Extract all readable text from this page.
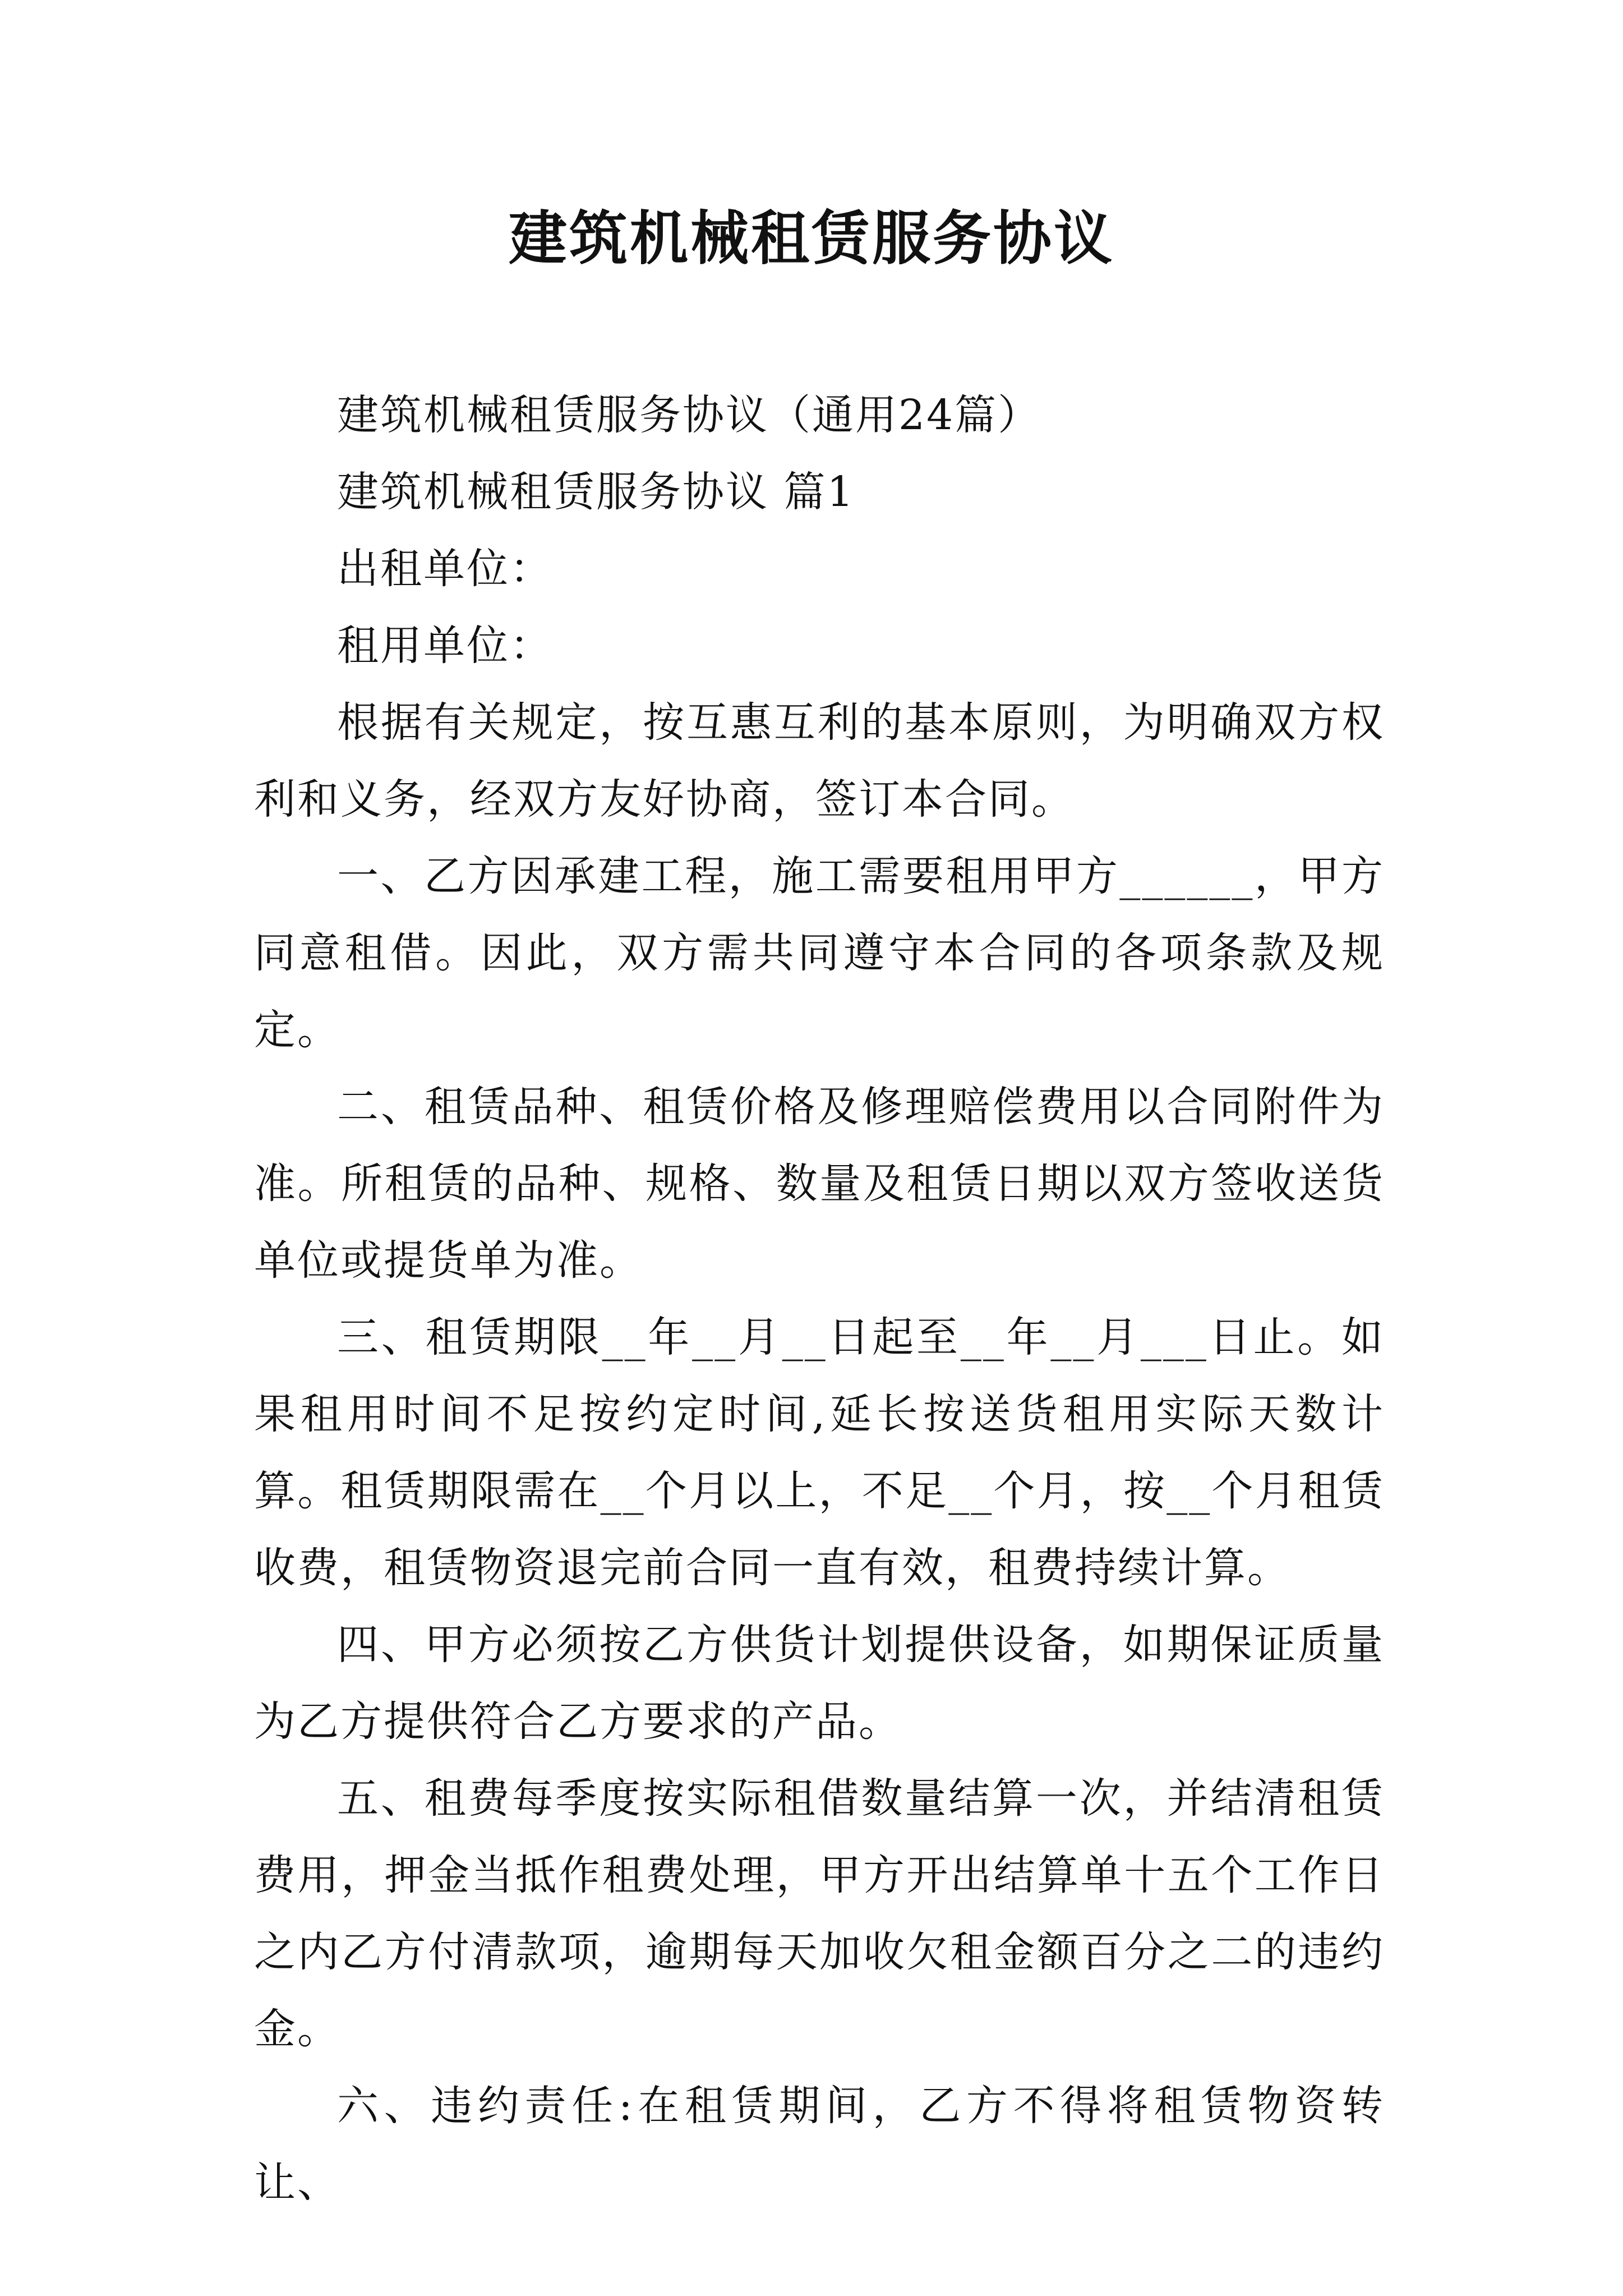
建筑机械租赁服务协议

建筑机械租赁服务协议（通用24篇）

建筑机械租赁服务协议 篇1

出租单位：

租用单位：

根据有关规定，按互惠互利的基本原则，为明确双方权利和义务，经双方友好协商，签订本合同。

一、乙方因承建工程，施工需要租用甲方______，甲方同意租借。因此，双方需共同遵守本合同的各项条款及规定。

二、租赁品种、租赁价格及修理赔偿费用以合同附件为准。所租赁的品种、规格、数量及租赁日期以双方签收送货单位或提货单为准。

三、租赁期限__年__月__日起至__年__月___日止。如果租用时间不足按约定时间,延长按送货租用实际天数计算。租赁期限需在__个月以上，不足__个月，按__个月租赁收费，租赁物资退完前合同一直有效，租费持续计算。

四、甲方必须按乙方供货计划提供设备，如期保证质量为乙方提供符合乙方要求的产品。

五、租费每季度按实际租借数量结算一次，并结清租赁费用，押金当抵作租费处理，甲方开出结算单十五个工作日之内乙方付清款项，逾期每天加收欠租金额百分之二的违约金。

六、违约责任:在租赁期间，乙方不得将租赁物资转让、
